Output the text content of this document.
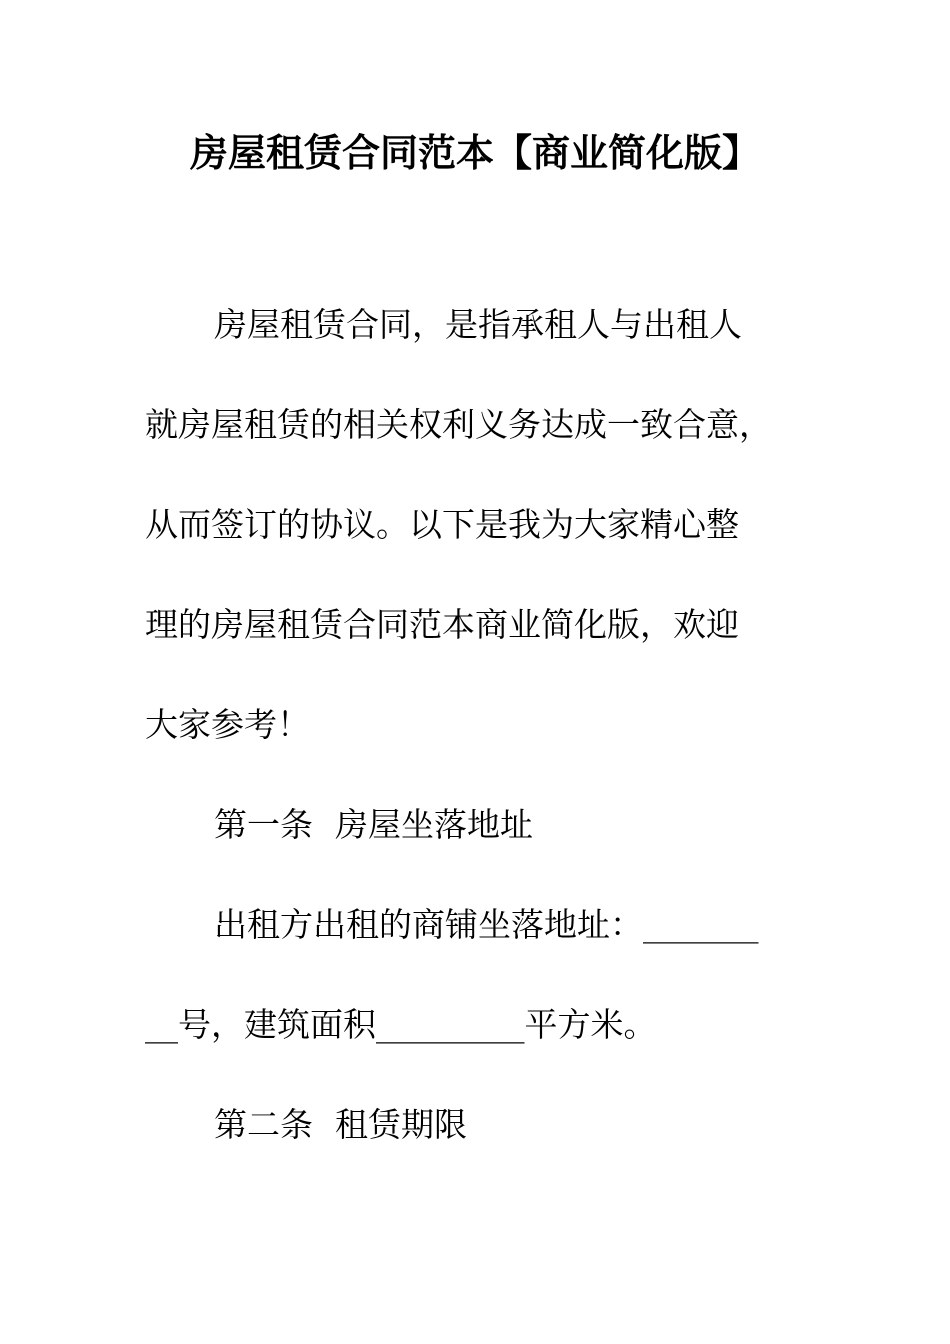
房屋租赁合同范本【商业简化版】
房屋租赁合同，是指承租人与出租人
就房屋租赁的相关权利义务达成一致合意，
从而签订的协议。以下是我为大家精心整
理的房屋租赁合同范本商业简化版，欢迎
大家参考！
第一条 房屋坐落地址
出租方出租的商铺坐落地址：_______
__号，建筑面积_________平方米。
第二条 租赁期限
